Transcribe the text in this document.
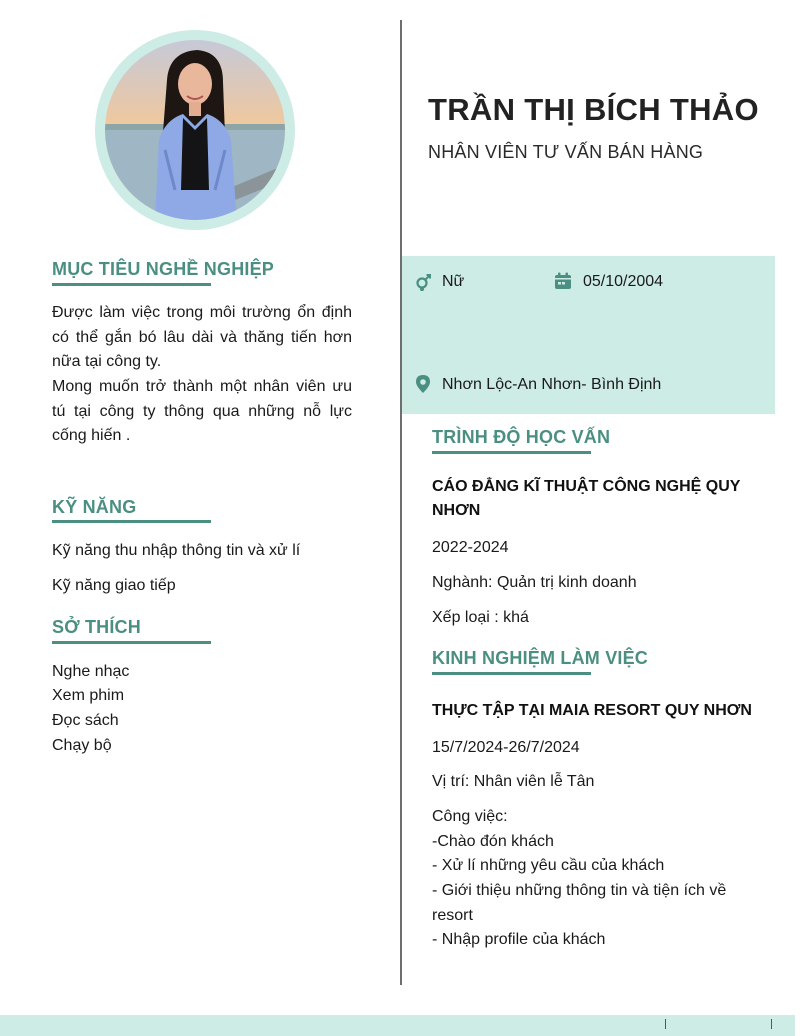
TRẦN THỊ BÍCH THẢO
NHÂN VIÊN TƯ VẤN BÁN HÀNG
Nữ	05/10/2004
Nhơn Lộc-An Nhơn- Bình Định
MỤC TIÊU NGHỀ NGHIỆP
Được làm việc trong môi trường ổn định có thể gắn bó lâu dài và thăng tiến hơn nữa tại công ty.
Mong muốn trở thành một nhân viên ưu tú tại công ty thông qua những nỗ lực cống hiến .
KỸ NĂNG
Kỹ năng thu nhập thông tin và xử lí
Kỹ năng giao tiếp
SỞ THÍCH
Nghe nhạc
Xem phim
Đọc sách
Chạy bộ
TRÌNH ĐỘ HỌC VẤN
CÁO ĐẲNG KĨ THUẬT CÔNG NGHỆ QUY NHƠN
2022-2024
Nghành: Quản trị kinh doanh
Xếp loại : khá
KINH NGHIỆM LÀM VIỆC
THỰC TẬP TẠI MAIA RESORT QUY NHƠN
15/7/2024-26/7/2024
Vị trí: Nhân viên lễ Tân
Công việc:
-Chào đón khách
- Xử lí những yêu cầu của khách
- Giới thiệu những thông tin và tiện ích về resort
- Nhập profile của khách
